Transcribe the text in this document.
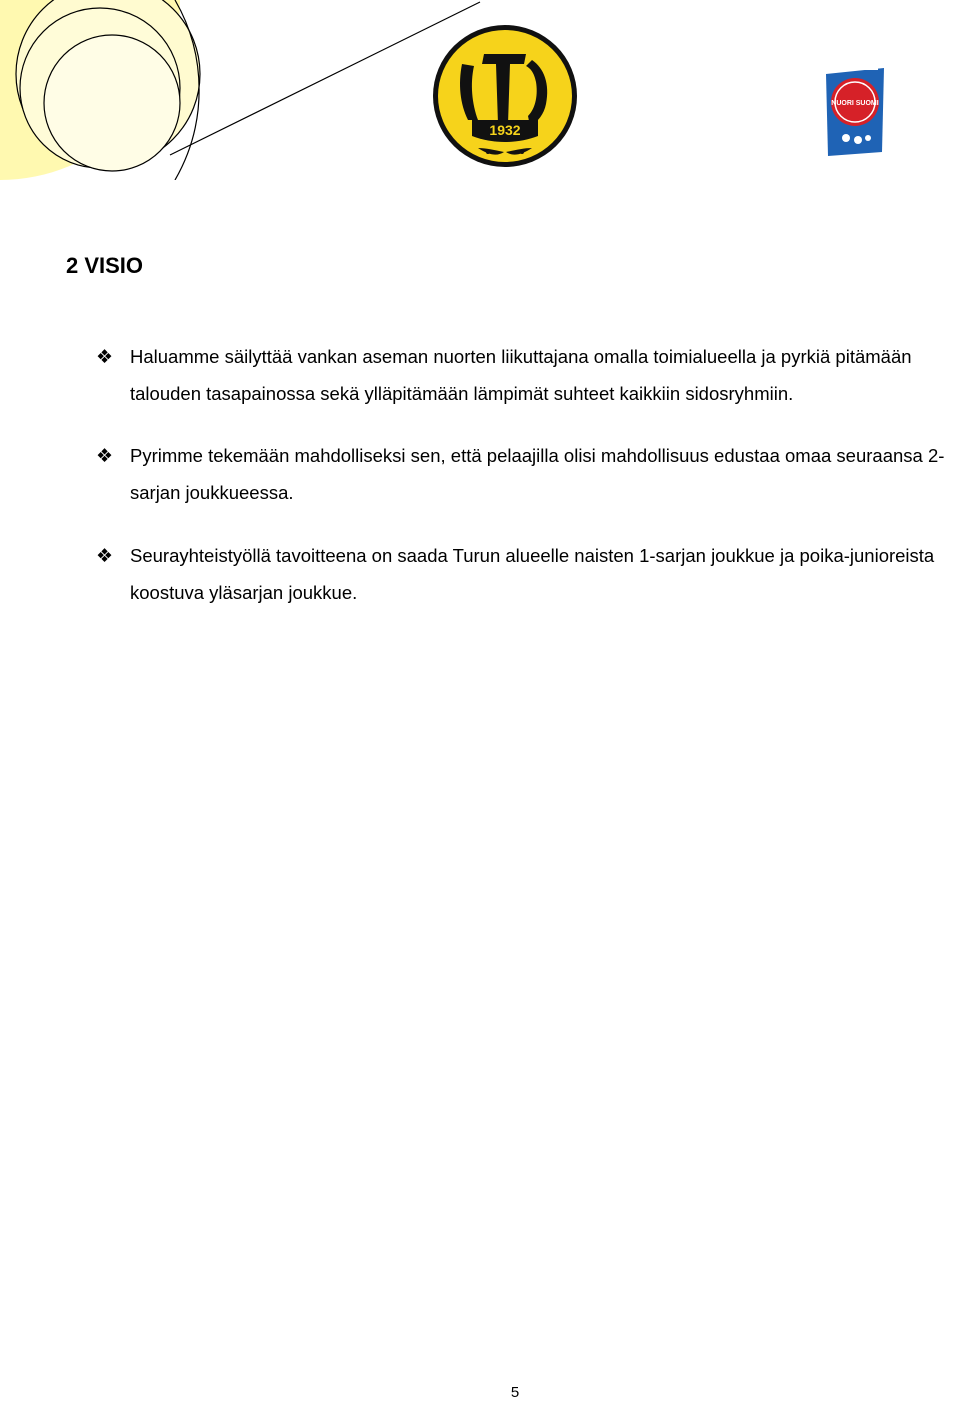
1932
NUORI SUOMI
2 VISIO
❖ Haluamme säilyttää vankan aseman nuorten liikuttajana omalla toimialueella ja pyrkiä pitämään talouden tasapainossa sekä ylläpitämään lämpimät suhteet kaikkiin sidosryhmiin.
❖ Pyrimme tekemään mahdolliseksi sen, että pelaajilla olisi mahdollisuus edustaa omaa seuraansa 2-sarjan joukkueessa.
❖ Seurayhteistyöllä tavoitteena on saada Turun alueelle naisten 1-sarjan joukkue ja poika-junioreista koostuva yläsarjan joukkue.
5
